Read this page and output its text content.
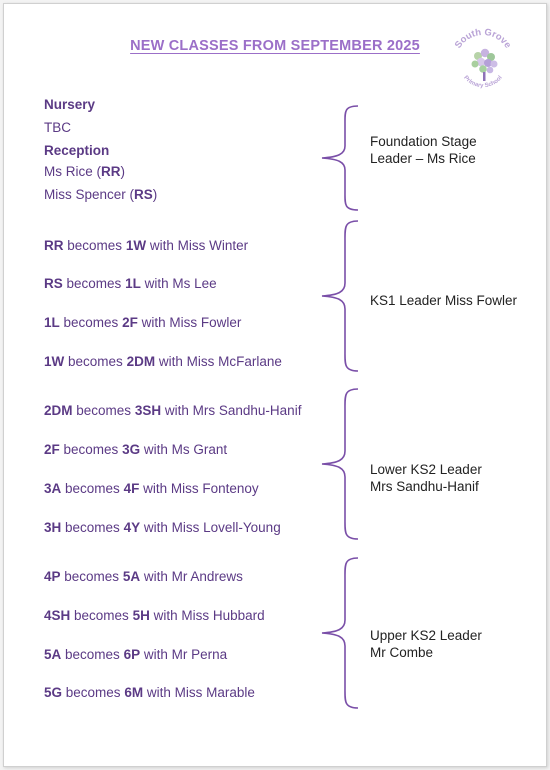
NEW CLASSES FROM SEPTEMBER 2025	South Grove
Primary School
Nursery
TBC
Reception
Ms Rice (RR)
Miss Spencer (RS)
RR becomes 1W with Miss Winter
RS becomes 1L with Ms Lee
1L becomes 2F with Miss Fowler
1W becomes 2DM with Miss McFarlane
2DM becomes 3SH with Mrs Sandhu-Hanif
2F becomes 3G with Ms Grant
3A becomes 4F with Miss Fontenoy
3H becomes 4Y with Miss Lovell-Young
4P becomes 5A with Mr Andrews
4SH becomes 5H with Miss Hubbard
5A becomes 6P with Mr Perna
5G becomes 6M with Miss Marable
Foundation Stage
Leader – Ms Rice
KS1 Leader Miss Fowler
Lower KS2 Leader
Mrs Sandhu-Hanif
Upper KS2 Leader
Mr Combe
